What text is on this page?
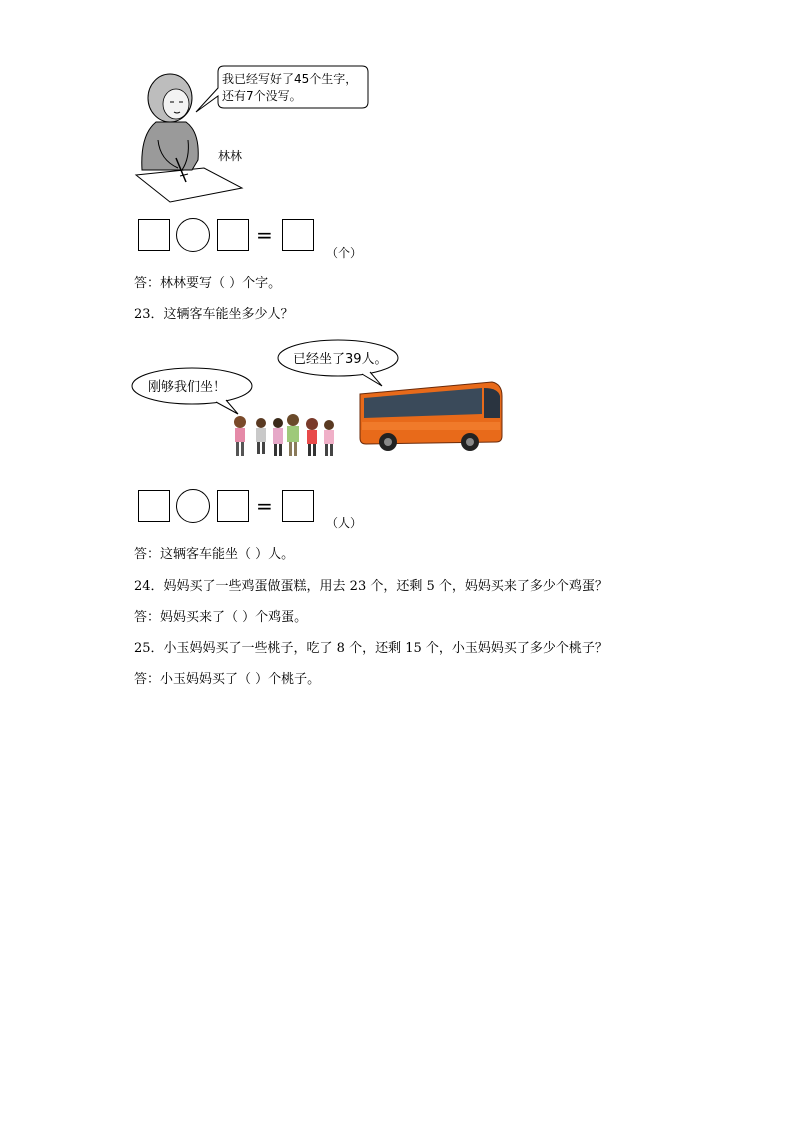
我已经写好了45个生字，
还有7个没写。
林林
=
（个）
答：林林要写（ ）个字。
23．这辆客车能坐多少人？
已经坐了39人。
刚够我们坐！
=
（人）
答：这辆客车能坐（ ）人。
24．妈妈买了一些鸡蛋做蛋糕，用去 23 个，还剩 5 个，妈妈买来了多少个鸡蛋？
答：妈妈买来了（ ）个鸡蛋。
25．小玉妈妈买了一些桃子，吃了 8 个，还剩 15 个，小玉妈妈买了多少个桃子？
答：小玉妈妈买了（ ）个桃子。
